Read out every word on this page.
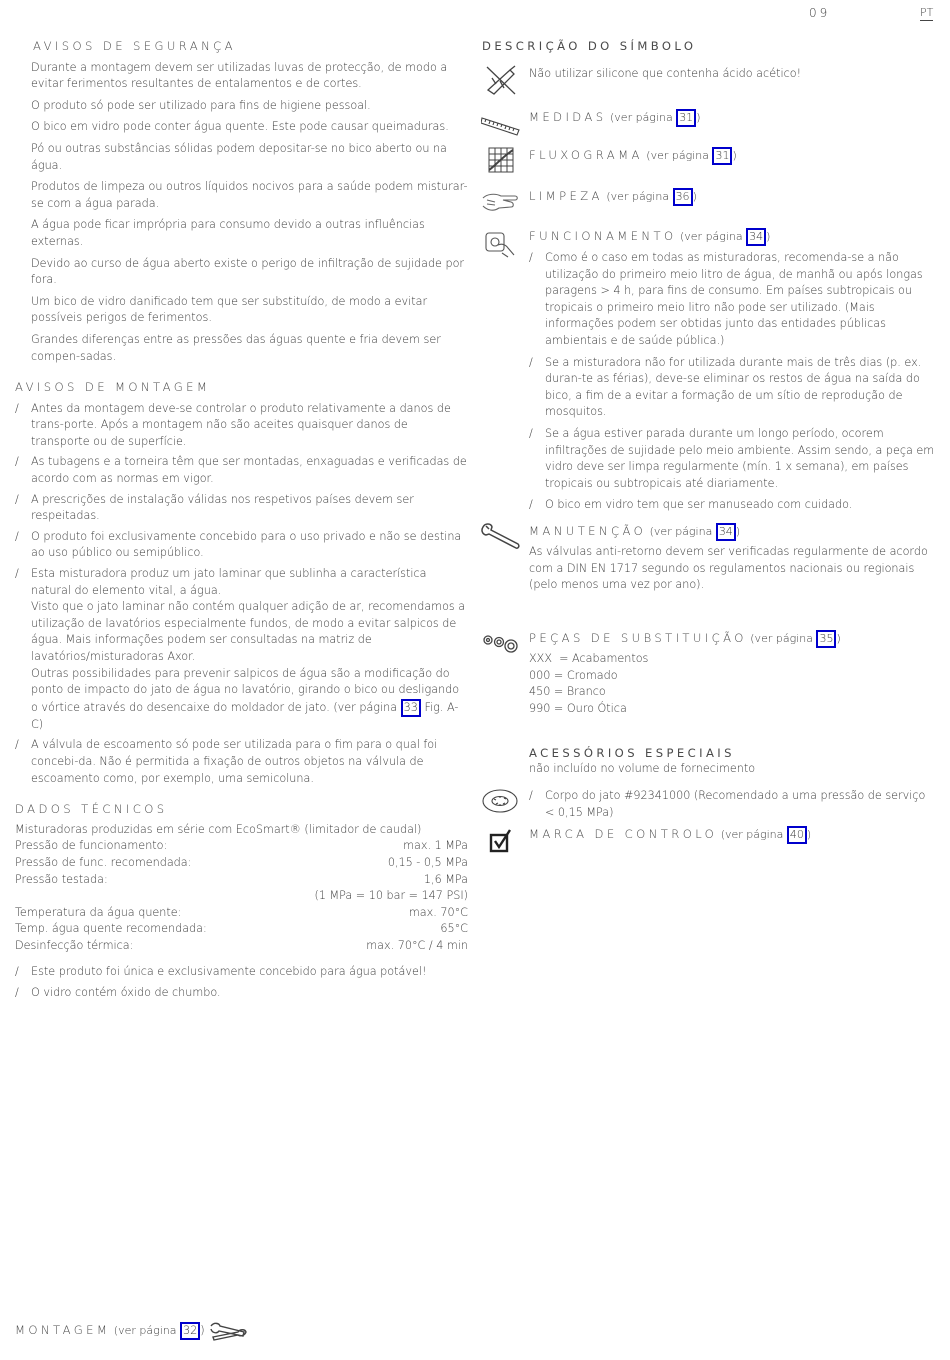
09	PT
AVISOS DE SEGURANÇA

Durante a montagem devem ser utilizadas luvas de protecção, de modo a evitar ferimentos resultantes de entalamentos e de cortes.

O produto só pode ser utilizado para fins de higiene pessoal.

O bico em vidro pode conter água quente. Este pode causar queimaduras.

Pó ou outras substâncias sólidas podem depositar-se no bico aberto ou na água.

Produtos de limpeza ou outros líquidos nocivos para a saúde podem misturar-se com a água parada.

A água pode ficar imprópria para consumo devido a outras influências externas.

Devido ao curso de água aberto existe o perigo de infiltração de sujidade por fora.

Um bico de vidro danificado tem que ser substituído, de modo a evitar possíveis perigos de ferimentos.

Grandes diferenças entre as pressões das águas quente e fria devem ser compen-sadas.

AVISOS DE MONTAGEM
/ Antes da montagem deve-se controlar o produto relativamente a danos de trans-porte. Após a montagem não são aceites quaisquer danos de transporte ou de superfície.
/ As tubagens e a torneira têm que ser montadas, enxaguadas e verificadas de acordo com as normas em vigor.
/ A prescrições de instalação válidas nos respetivos países devem ser respeitadas.
/ O produto foi exclusivamente concebido para o uso privado e não se destina ao uso público ou semipúblico.
/ Esta misturadora produz um jato laminar que sublinha a característica natural do elemento vital, a água.
Visto que o jato laminar não contém qualquer adição de ar, recomendamos a utilização de lavatórios especialmente fundos, de modo a evitar salpicos de água. Mais informações podem ser consultadas na matriz de lavatórios/misturadoras Axor.
Outras possibilidades para prevenir salpicos de água são a modificação do ponto de impacto do jato de água no lavatório, girando o bico ou desligando o vórtice através do desencaixe do moldador de jato. (ver página 33 Fig. A-C)
/ A válvula de escoamento só pode ser utilizada para o fim para o qual foi concebi-da. Não é permitida a fixação de outros objetos na válvula de escoamento como, por exemplo, uma semicoluna.
DADOS TÉCNICOS
Misturadoras produzidas em série com EcoSmart® (limitador de caudal)
Pressão de funcionamento:	max. 1 MPa
Pressão de func. recomendada:	0,15 - 0,5 MPa
Pressão testada:	1,6 MPa
(1 MPa = 10 bar = 147 PSI)
Temperatura da água quente:	max. 70°C
Temp. água quente recomendada:	65°C
Desinfecção térmica:	max. 70°C / 4 min
/ Este produto foi única e exclusivamente concebido para água potável!
/ O vidro contém óxido de chumbo.
MONTAGEM (ver página 32 )
DESCRIÇÃO DO SÍMBOLO
Não utilizar silicone que contenha ácido acético!
MEDIDAS (ver página 31 )
FLUXOGRAMA (ver página 31 )
LIMPEZA (ver página 36 )
FUNCIONAMENTO (ver página 34 )
/ Como é o caso em todas as misturadoras, recomenda-se a não utilização do primeiro meio litro de água, de manhã ou após longas paragens > 4 h, para fins de consumo. Em países subtropicais ou tropicais o primeiro meio litro não pode ser utilizado. (Mais informações podem ser obtidas junto das entidades públicas ambientais e de saúde pública.)
/ Se a misturadora não for utilizada durante mais de três dias (p. ex. duran-te as férias), deve-se eliminar os restos de água na saída do bico, a fim de a evitar a formação de um sítio de reprodução de mosquitos.
/ Se a água estiver parada durante um longo período, ocorem infiltrações de sujidade pelo meio ambiente. Assim sendo, a peça em vidro deve ser limpa regularmente (mín. 1 x semana), em países tropicais ou subtropicais até diariamente.
/ O bico em vidro tem que ser manuseado com cuidado.
MANUTENÇÃO (ver página 34 )
As válvulas anti-retorno devem ser verificadas regularmente de acordo com a DIN EN 1717 segundo os regulamentos nacionais ou regionais (pelo menos uma vez por ano).
PEÇAS DE SUBSTITUIÇÃO (ver página 35 )
XXX  = Acabamentos
000 = Cromado
450 = Branco
990 = Ouro Ótica
ACESSÓRIOS ESPECIAIS
não incluído no volume de fornecimento
/ Corpo do jato #92341000 (Recomendado a uma pressão de serviço < 0,15 MPa)
MARCA DE CONTROLO (ver página 40 )
